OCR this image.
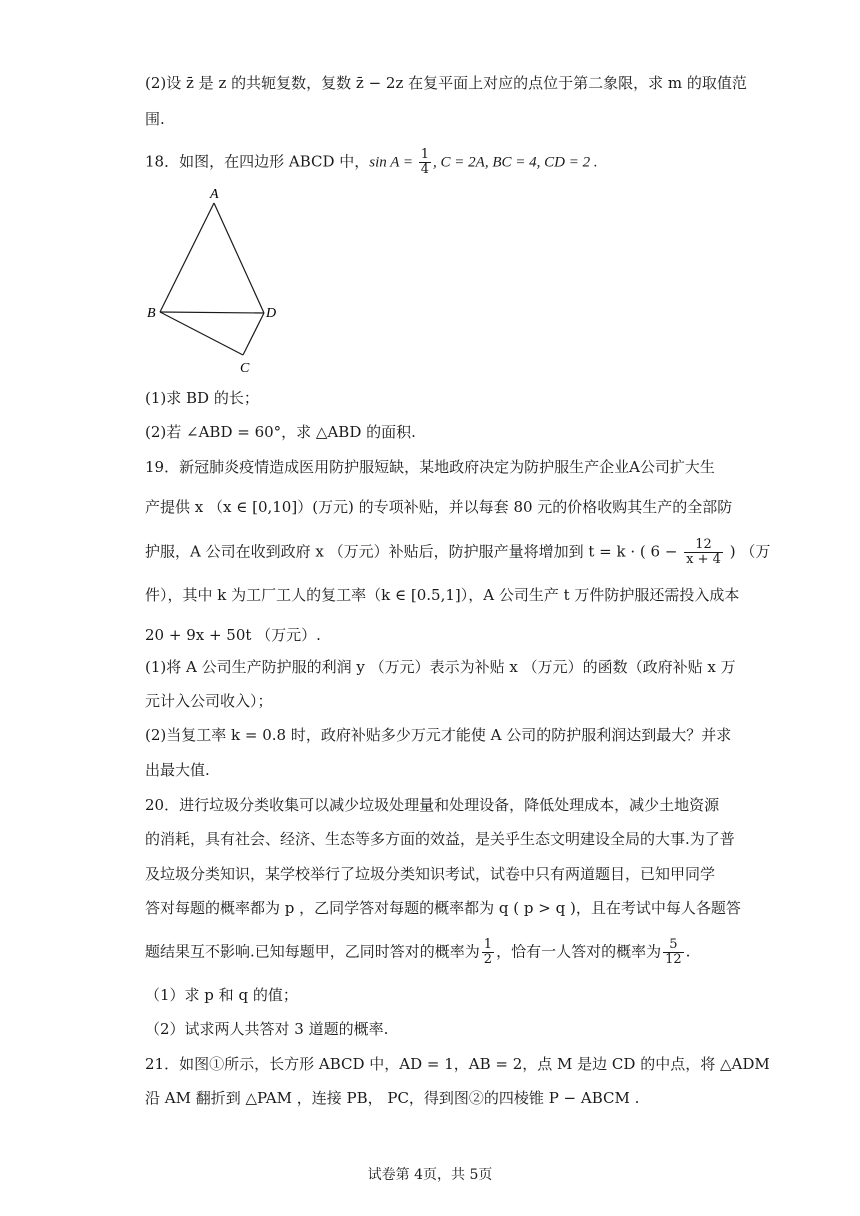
(2)设 z̄ 是 z 的共轭复数，复数 z̄ − 2z 在复平面上对应的点位于第二象限，求 m 的取值范
围.
18．如图，在四边形 ABCD 中，$\sin A = \frac{1}{4}$ , C = 2A, BC = 4, CD = 2 .
A
B
C
D
(1)求 BD 的长；
(2)若 ∠ABD = 60°，求 △ABD 的面积.
19．新冠肺炎疫情造成医用防护服短缺，某地政府决定为防护服生产企业A公司扩大生
产提供 x （x ∈ [0,10]）(万元) 的专项补贴，并以每套 80 元的价格收购其生产的全部防
护服，A 公司在收到政府 x （万元）补贴后，防护服产量将增加到 t = k · ( $6 - \frac{12}{x + 4}$ ) （万
件），其中 k 为工厂工人的复工率（k ∈ [0.5,1]），A 公司生产 t 万件防护服还需投入成本
20 + 9x + 50t （万元）.
(1)将 A 公司生产防护服的利润 y （万元）表示为补贴 x （万元）的函数（政府补贴 x 万
元计入公司收入）；
(2)当复工率 k = 0.8 时，政府补贴多少万元才能使 A 公司的防护服利润达到最大？并求
出最大值.
20．进行垃圾分类收集可以减少垃圾处理量和处理设备，降低处理成本，减少土地资源
的消耗，具有社会、经济、生态等多方面的效益，是关乎生态文明建设全局的大事.为了普
及垃圾分类知识，某学校举行了垃圾分类知识考试，试卷中只有两道题目，已知甲同学
答对每题的概率都为 p ，乙同学答对每题的概率都为 q ( p > q )，且在考试中每人各题答
题结果互不影响.已知每题甲，乙同时答对的概率为 $\frac{1}{2}$ ，恰有一人答对的概率为 $\frac{5}{12}$ .
（1）求 p 和 q 的值；
（2）试求两人共答对 3 道题的概率.
21．如图①所示，长方形 ABCD 中，AD = 1，AB = 2，点 M 是边 CD 的中点，将 △ADM
沿 AM 翻折到 △PAM ，连接 PB， PC，得到图②的四棱锥 P − ABCM .
试卷第 4页，共 5页
